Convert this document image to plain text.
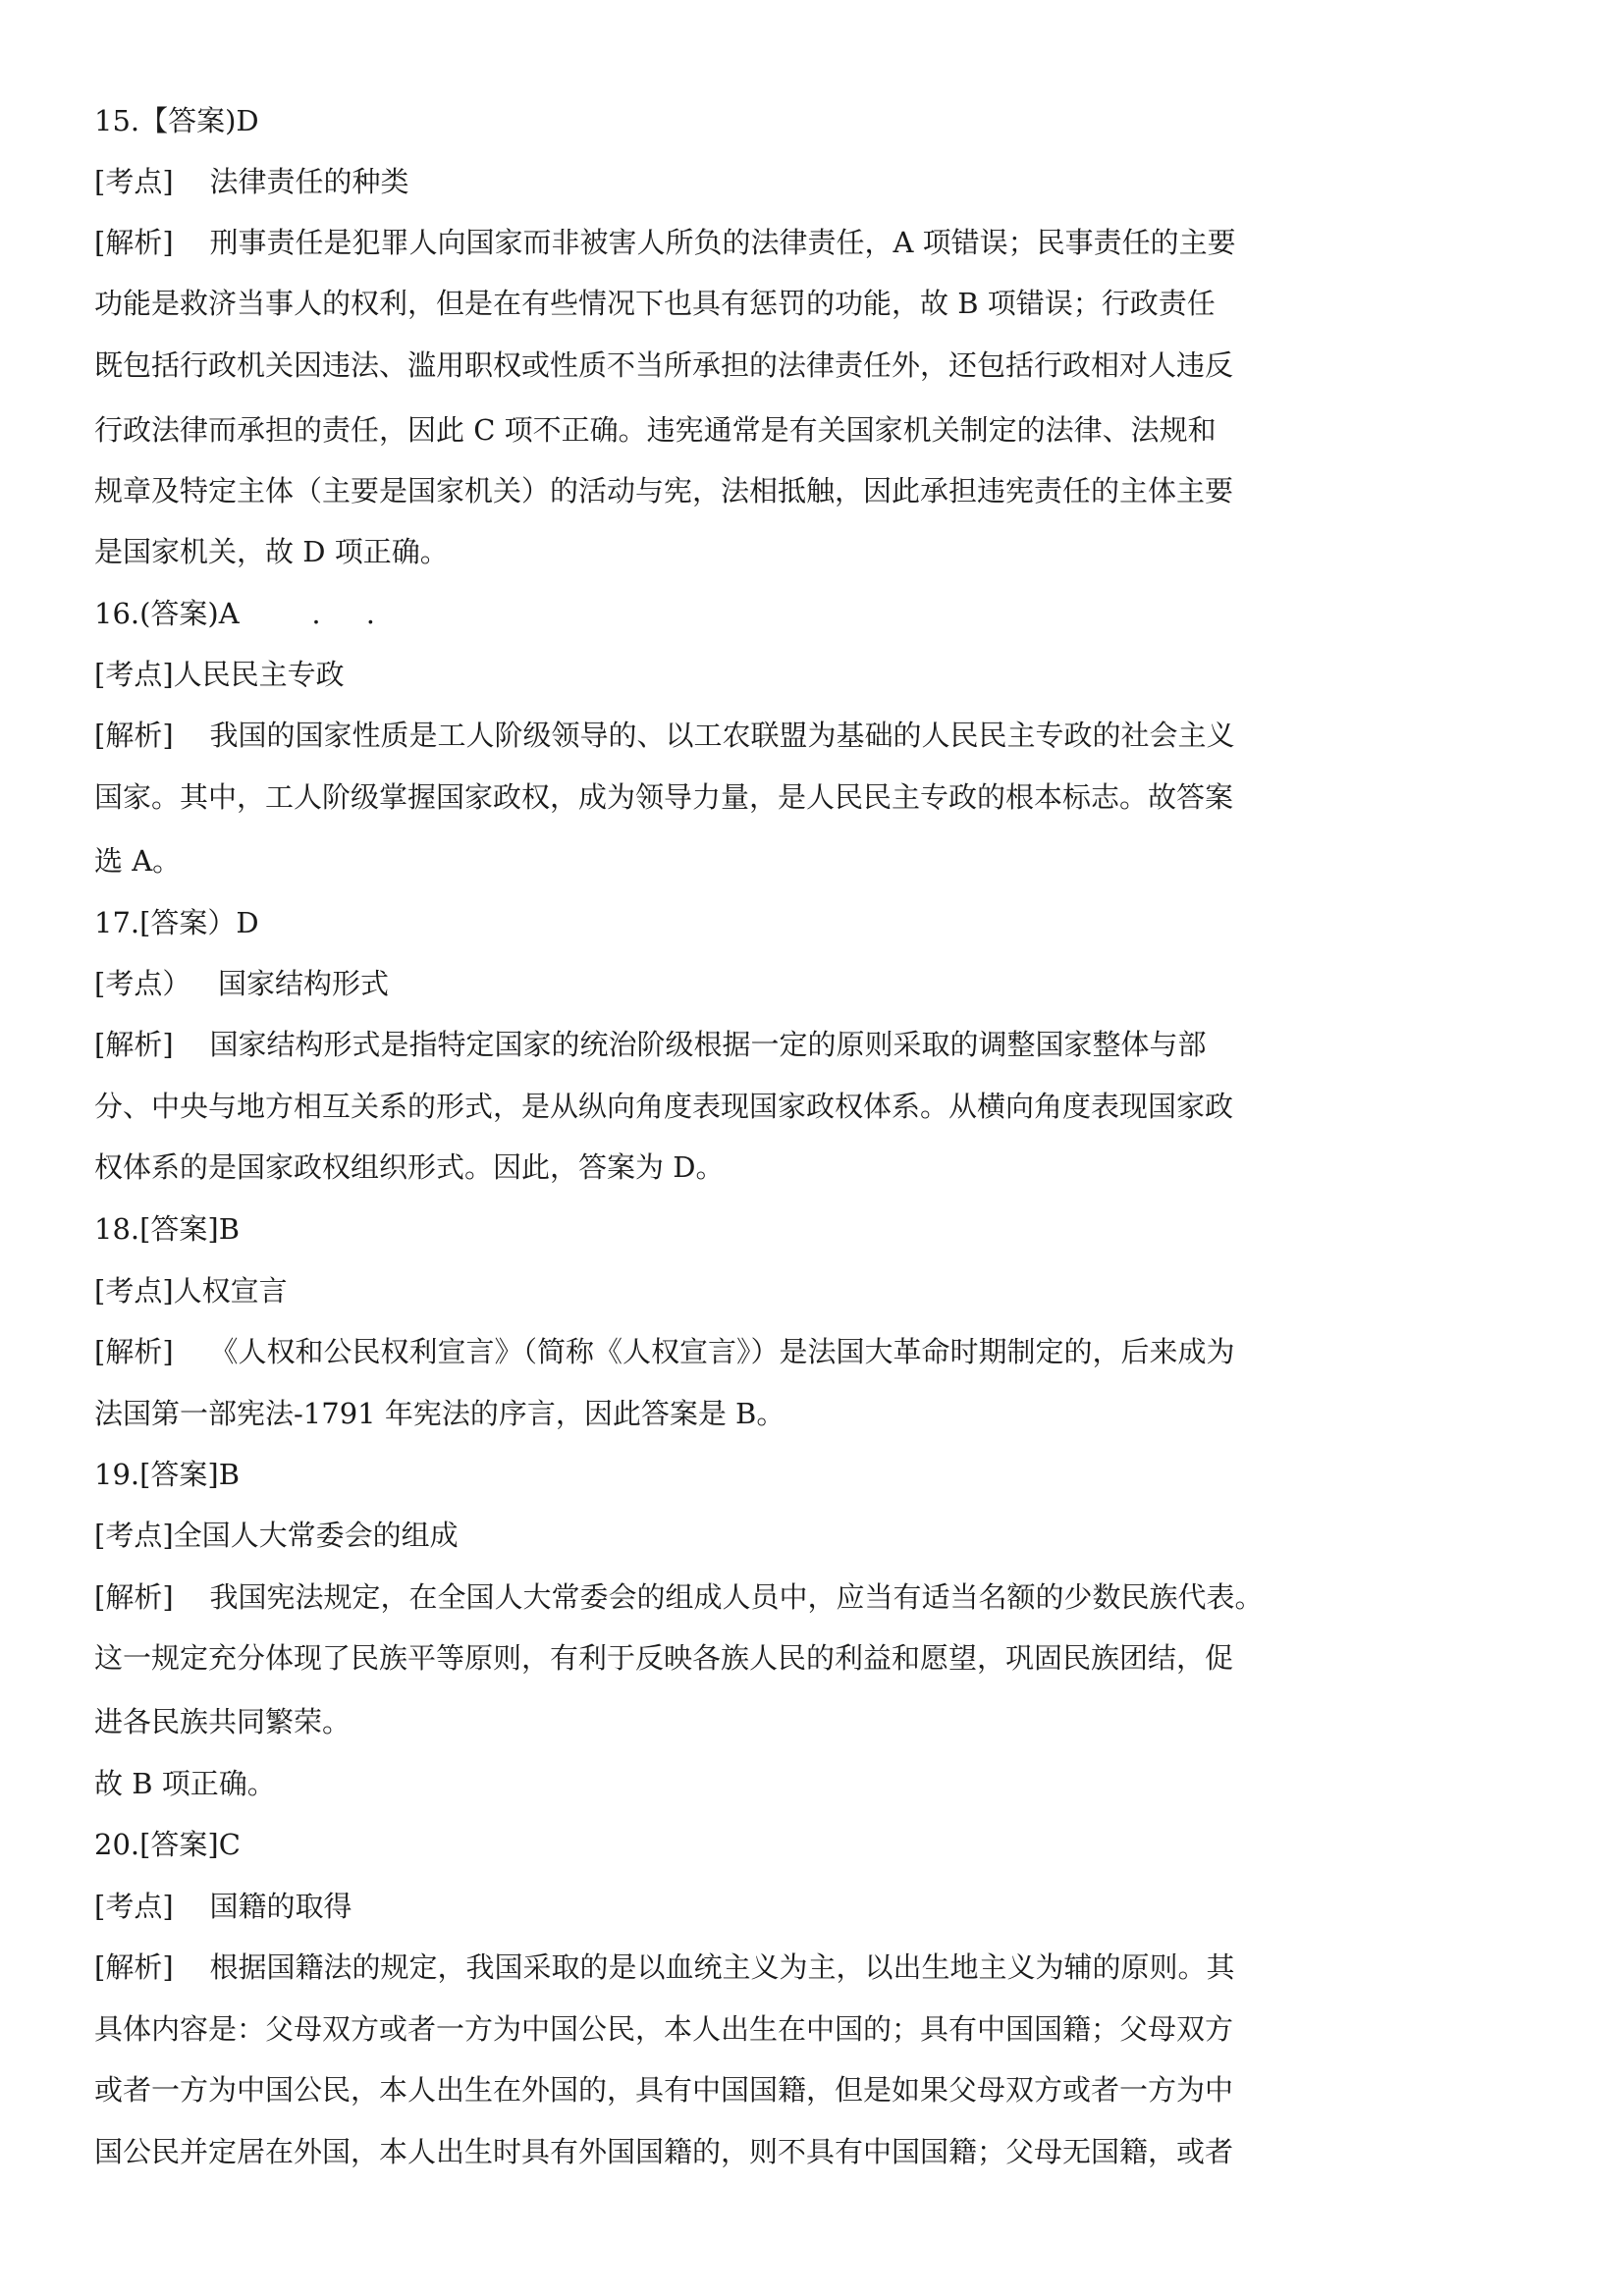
15.【答案)D
[考点]    法律责任的种类
[解析]    刑事责任是犯罪人向国家而非被害人所负的法律责任，A 项错误；民事责任的主要
功能是救济当事人的权利，但是在有些情况下也具有惩罚的功能，故 B 项错误；行政责任
既包括行政机关因违法、滥用职权或性质不当所承担的法律责任外，还包括行政相对人违反
行政法律而承担的责任，因此 C 项不正确。违宪通常是有关国家机关制定的法律、法规和
规章及特定主体（主要是国家机关）的活动与宪，法相抵触，因此承担违宪责任的主体主要
是国家机关，故 D 项正确。
16.(答案)A        .     .
[考点]人民民主专政
[解析]    我国的国家性质是工人阶级领导的、以工农联盟为基础的人民民主专政的社会主义
国家。其中，工人阶级掌握国家政权，成为领导力量，是人民民主专政的根本标志。故答案
选 A。
17.[答案）D
[考点）   国家结构形式
[解析]    国家结构形式是指特定国家的统治阶级根据一定的原则采取的调整国家整体与部
分、中央与地方相互关系的形式，是从纵向角度表现国家政权体系。从横向角度表现国家政
权体系的是国家政权组织形式。因此，答案为 D。
18.[答案]B
[考点]人权宣言
[解析]    《人权和公民权利宣言》（简称《人权宣言》）是法国大革命时期制定的，后来成为
法国第一部宪法-1791 年宪法的序言，因此答案是 B。
19.[答案]B
[考点]全国人大常委会的组成
[解析]    我国宪法规定，在全国人大常委会的组成人员中，应当有适当名额的少数民族代表。
这一规定充分体现了民族平等原则，有利于反映各族人民的利益和愿望，巩固民族团结，促
进各民族共同繁荣。
故 B 项正确。
20.[答案]C
[考点]    国籍的取得
[解析]    根据国籍法的规定，我国采取的是以血统主义为主，以出生地主义为辅的原则。其
具体内容是：父母双方或者一方为中国公民，本人出生在中国的；具有中国国籍；父母双方
或者一方为中国公民，本人出生在外国的，具有中国国籍，但是如果父母双方或者一方为中
国公民并定居在外国，本人出生时具有外国国籍的，则不具有中国国籍；父母无国籍，或者
